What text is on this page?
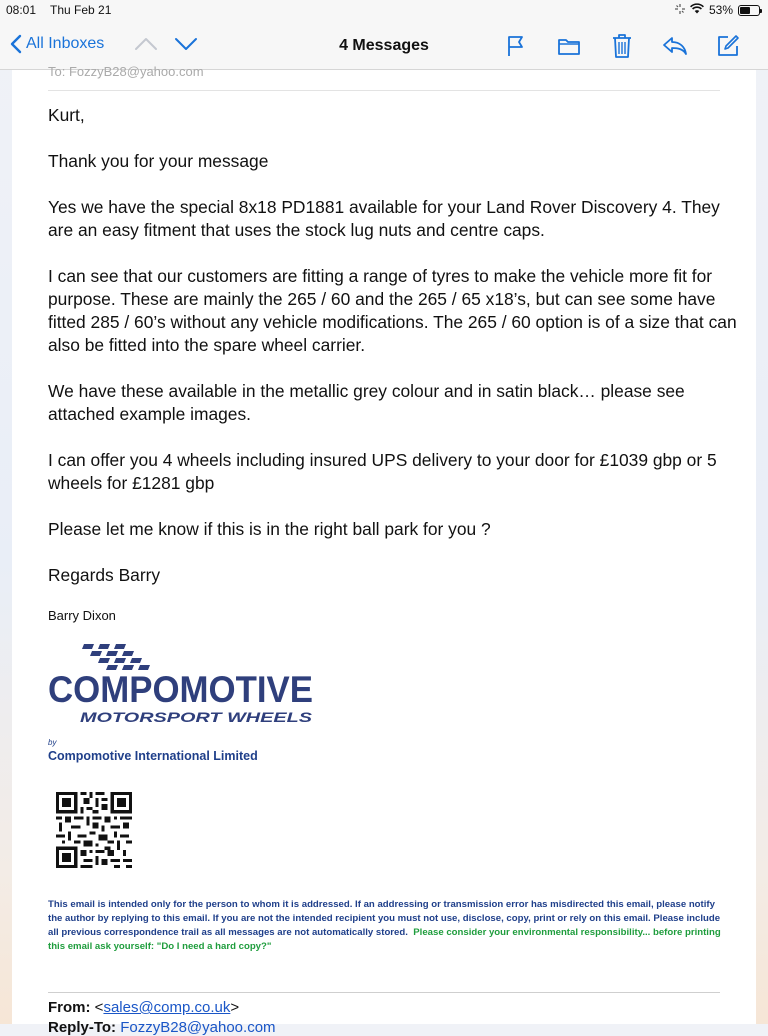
08:01 Thu Feb 21	53%
All Inboxes	4 Messages
To: FozzyB28@yahoo.com

Kurt,

Thank you for your message

Yes we have the special 8x18 PD1881 available for your Land Rover Discovery 4. They are an easy fitment that uses the stock lug nuts and centre caps.

I can see that our customers are fitting a range of tyres to make the vehicle more fit for purpose. These are mainly the 265 / 60 and the 265 / 65 x18’s, but can see some have fitted 285 / 60’s without any vehicle modifications. The 265 / 60 option is of a size that can also be fitted into the spare wheel carrier.

We have these available in the metallic grey colour and in satin black… please see attached example images.

I can offer you 4 wheels including insured UPS delivery to your door for £1039 gbp or 5 wheels for £1281 gbp

Please let me know if this is in the right ball park for you ?

Regards Barry

Barry Dixon
COMPOMOTIVE
MOTORSPORT WHEELS
by
Compomotive International Limited
This email is intended only for the person to whom it is addressed. If an addressing or transmission error has misdirected this email, please notify the author by replying to this email. If you are not the intended recipient you must not use, disclose, copy, print or rely on this email. Please include all previous correspondence trail as all messages are not automatically stored. Please consider your environmental responsibility... before printing this email ask yourself: "Do I need a hard copy?"
From: <sales@comp.co.uk>
Reply-To: FozzyB28@yahoo.com
